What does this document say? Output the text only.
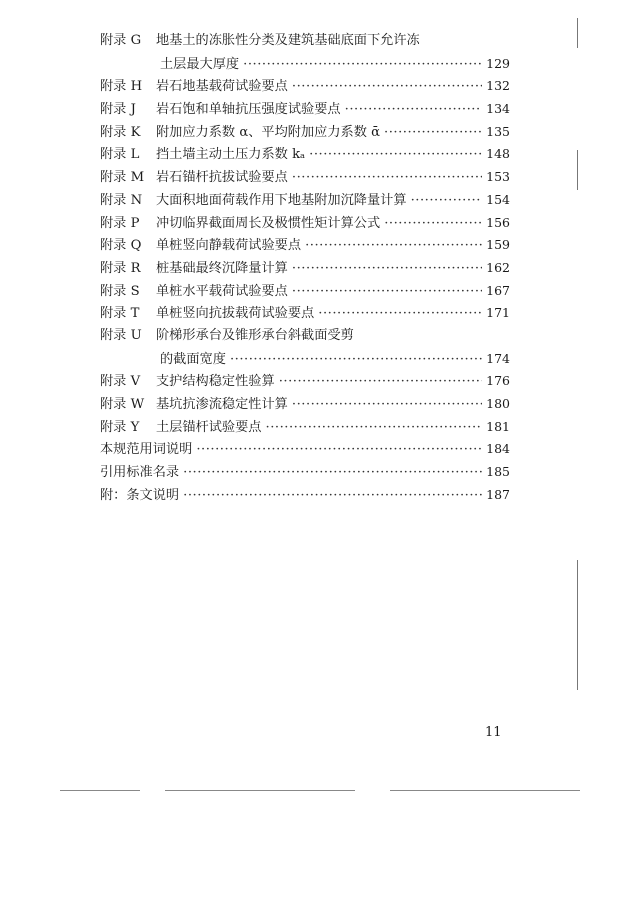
附录 G	地基土的冻胀性分类及建筑基础底面下允许冻
土层最大厚度 ·····	129
附录 H	岩石地基载荷试验要点 ·····	132
附录 J	岩石饱和单轴抗压强度试验要点 ·····	134
附录 K	附加应力系数 α、平均附加应力系数 ᾱ ·····	135
附录 L	挡土墙主动土压力系数 kₐ ·····	148
附录 M 岩石锚杆抗拔试验要点 ·····	153
附录 N	大面积地面荷载作用下地基附加沉降量计算 ·····	154
附录 P	冲切临界截面周长及极惯性矩计算公式 ·····	156
附录 Q	单桩竖向静载荷试验要点 ·····	159
附录 R	桩基础最终沉降量计算 ·····	162
附录 S	单桩水平载荷试验要点 ·····	167
附录 T	单桩竖向抗拔载荷试验要点 ·····	171
附录 U	阶梯形承台及锥形承台斜截面受剪
的截面宽度 ·····	174
附录 V	支护结构稳定性验算 ·····	176
附录 W 基坑抗渗流稳定性计算 ·····	180
附录 Y	土层锚杆试验要点 ·····	181
本规范用词说明 ·····	184
引用标准名录 ·····	185
附：条文说明 ·····	187
11
